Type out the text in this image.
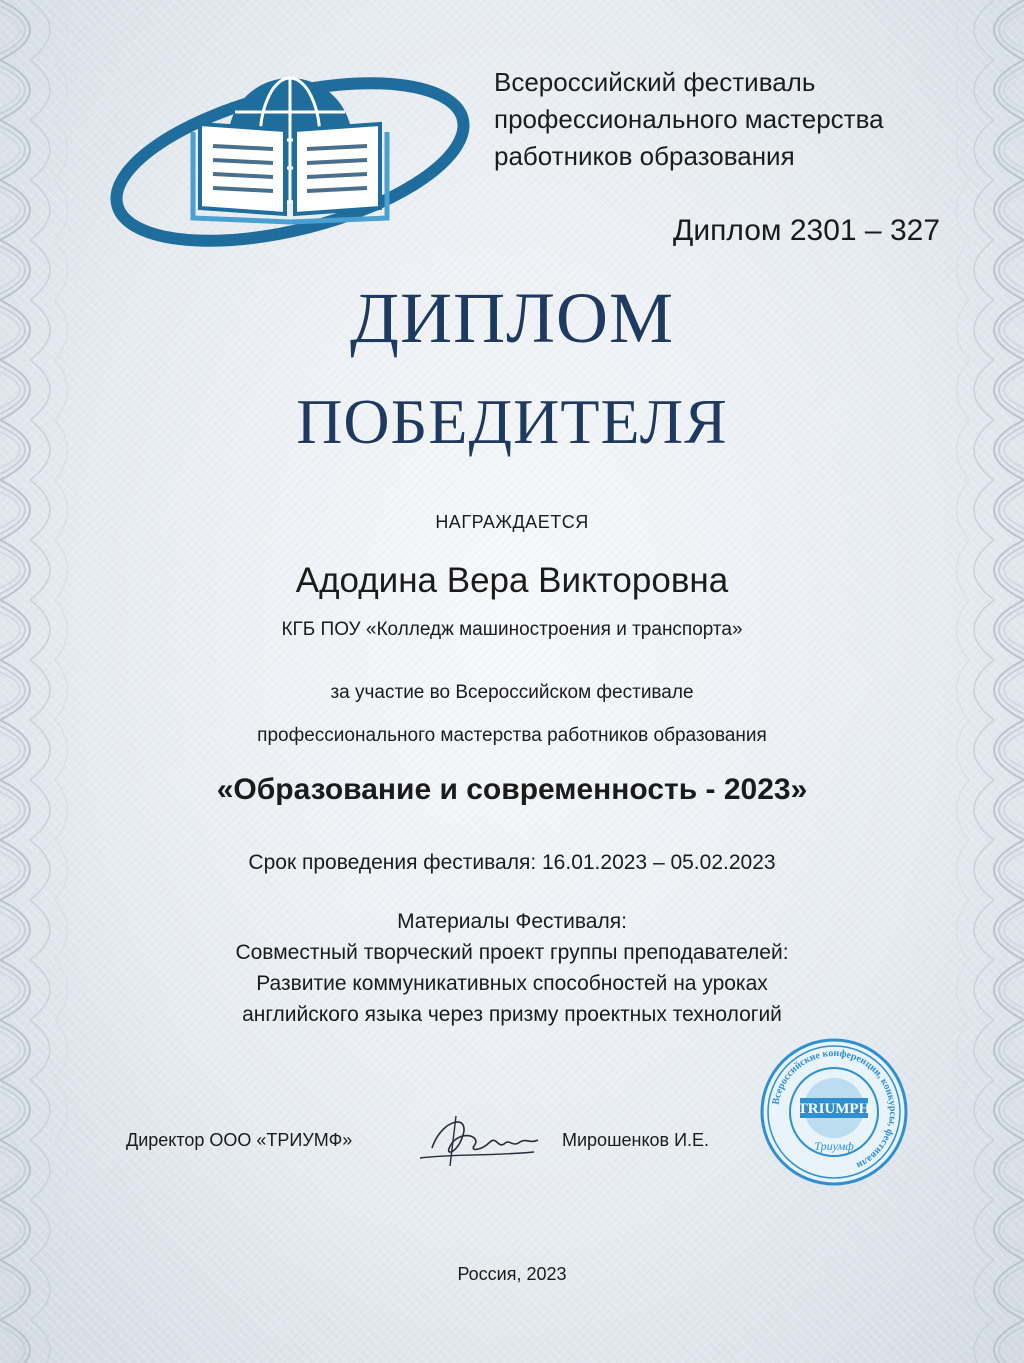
Всероссийский фестиваль
профессионального мастерства
работников образования
Диплом 2301 – 327
ДИПЛОМ
ПОБЕДИТЕЛЯ
НАГРАЖДАЕТСЯ
Адодина Вера Викторовна
КГБ ПОУ «Колледж машиностроения и транспорта»
за участие во Всероссийском фестивале
профессионального мастерства работников образования
«Образование и современность - 2023»
Срок проведения фестиваля: 16.01.2023 – 05.02.2023
Материалы Фестиваля:
Совместный творческий проект группы преподавателей:
Развитие коммуникативных способностей на уроках
английского языка через призму проектных технологий
Директор ООО «ТРИУМФ»	Мирошенков И.Е.
Всероссийские конференции, конкурсы, фестивали
TRIUMPH
Триумф
Россия, 2023
